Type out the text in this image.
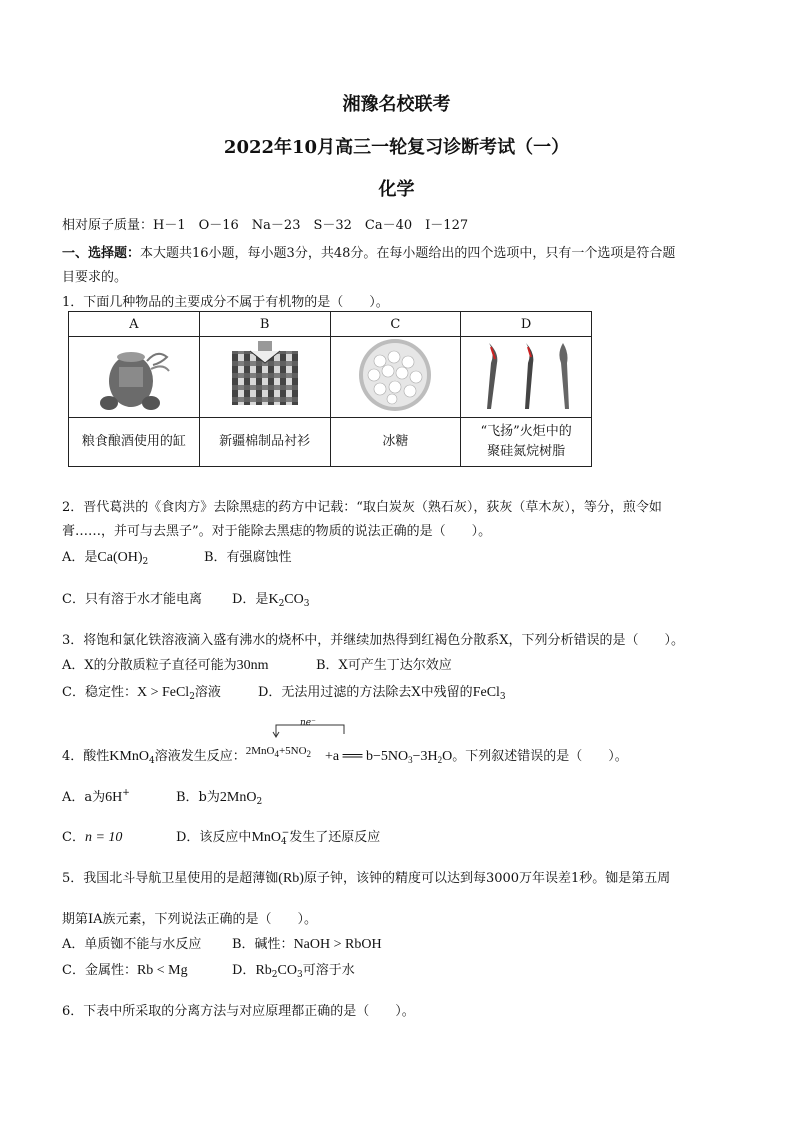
湘豫名校联考
2022年10月高三一轮复习诊断考试（一）
化学
相对原子质量：H－1　O－16　Na－23　S－32　Ca－40　I－127
一、选择题：本大题共16小题，每小题3分，共48分。在每小题给出的四个选项中，只有一个选项是符合题
目要求的。
1．下面几种物品的主要成分不属于有机物的是（　　）。
A	B	C	D

粮食酿酒使用的缸	新疆棉制品衬衫	冰糖	“飞扬”火炬中的
聚硅氮烷树脂
2．晋代葛洪的《食肉方》去除黑痣的药方中记载：“取白炭灰（熟石灰），荻灰（草木灰），等分，煎令如
膏……，并可与去黑子”。对于能除去黑痣的物质的说法正确的是（　　）。
A．是$Ca(OH)_2$	B．有强腐蚀性
C．只有溶于水才能电离 D．是$K_2CO_3$
3．将饱和氯化铁溶液滴入盛有沸水的烧杯中，并继续加热得到红褐色分散系X，下列分析错误的是（　　）。
A．X的分散质粒子直径可能为30nm	B．X可产生丁达尔效应
C．稳定性：X > FeCl$_2$溶液	D．无法用过滤的方法除去X中残留的FeCl$_3$
ne⁻
4．酸性KMnO$_4$溶液发生反应：$^{2MnO_4+5NO_2}$ +a ══ $b-5NO_3-3H_2O$。下列叙述错误的是（　　）。
A．a为6H+	B．b为2MnO$_2$
C．n = 10	D．该反应中MnO$_4$−发生了还原反应
5．我国北斗导航卫星使用的是超薄铷(Rb)原子钟，该钟的精度可以达到每3000万年误差1秒。铷是第五周
期第ⅠA族元素，下列说法正确的是（　　）。
A．单质铷不能与水反应 B．碱性：NaOH > RbOH
C．金属性：Rb < Mg	D．$Rb_2CO_3$可溶于水
6．下表中所采取的分离方法与对应原理都正确的是（　　）。
